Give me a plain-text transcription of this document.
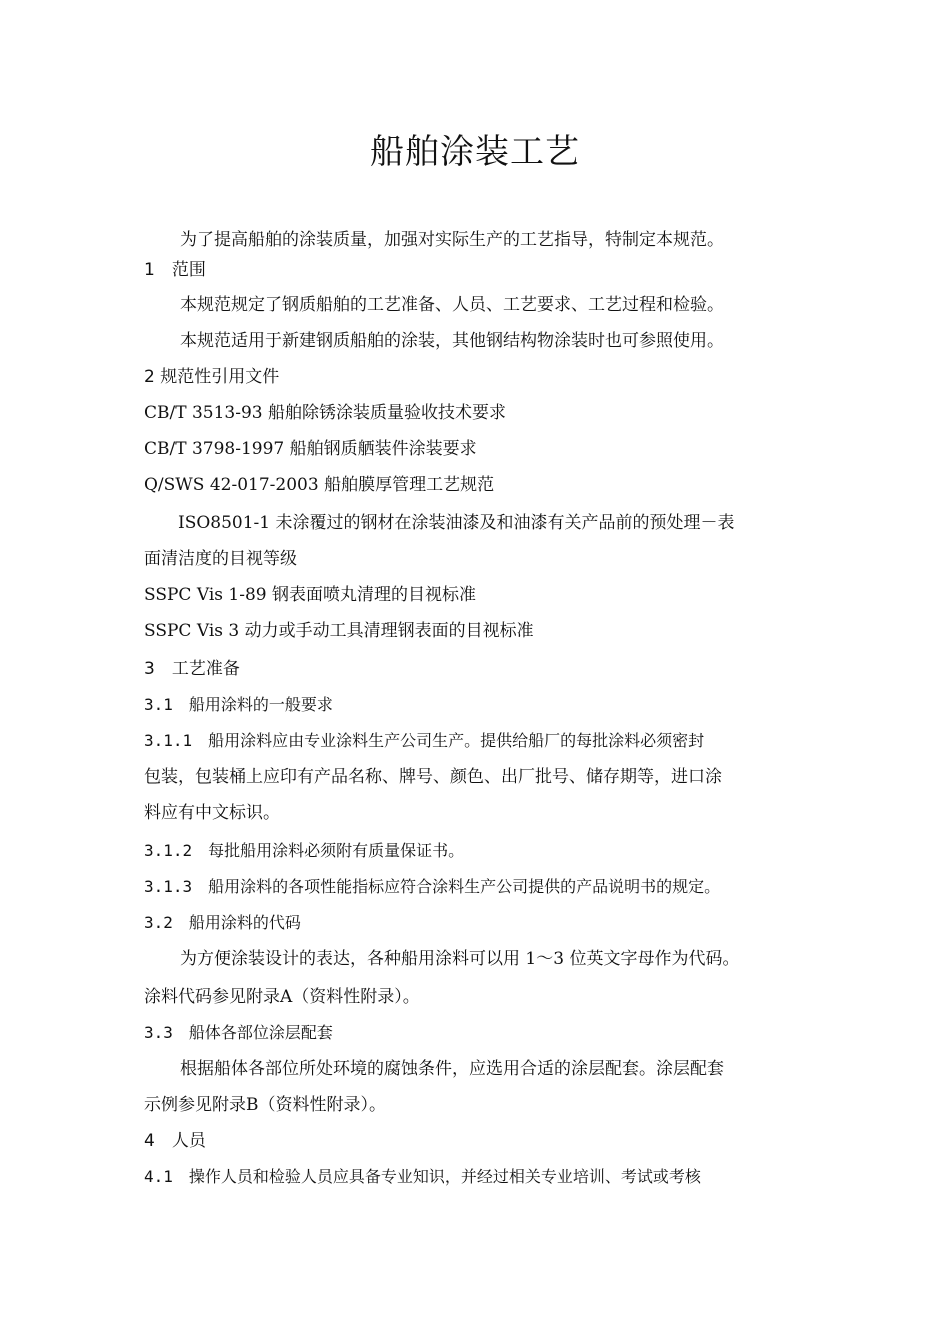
船舶涂装工艺
为了提高船舶的涂装质量，加强对实际生产的工艺指导，特制定本规范。
1　范围
本规范规定了钢质船舶的工艺准备、人员、工艺要求、工艺过程和检验。
本规范适用于新建钢质船舶的涂装，其他钢结构物涂装时也可参照使用。
2 规范性引用文件
CB/T 3513-93 船舶除锈涂装质量验收技术要求
CB/T 3798-1997 船舶钢质舾装件涂装要求
Q/SWS 42-017-2003 船舶膜厚管理工艺规范
ISO8501-1 未涂覆过的钢材在涂装油漆及和油漆有关产品前的预处理－表
面清洁度的目视等级
SSPC Vis 1-89 钢表面喷丸清理的目视标准
SSPC Vis 3 动力或手动工具清理钢表面的目视标准
3　工艺准备
3.1　船用涂料的一般要求
3.1.1　船用涂料应由专业涂料生产公司生产。提供给船厂的每批涂料必须密封
包装，包装桶上应印有产品名称、牌号、颜色、出厂批号、储存期等，进口涂
料应有中文标识。
3.1.2　每批船用涂料必须附有质量保证书。
3.1.3　船用涂料的各项性能指标应符合涂料生产公司提供的产品说明书的规定。
3.2　船用涂料的代码
为方便涂装设计的表达，各种船用涂料可以用 1～3 位英文字母作为代码。
涂料代码参见附录A（资料性附录）。
3.3　船体各部位涂层配套
根据船体各部位所处环境的腐蚀条件，应选用合适的涂层配套。涂层配套
示例参见附录B（资料性附录）。
4　人员
4.1　操作人员和检验人员应具备专业知识，并经过相关专业培训、考试或考核
